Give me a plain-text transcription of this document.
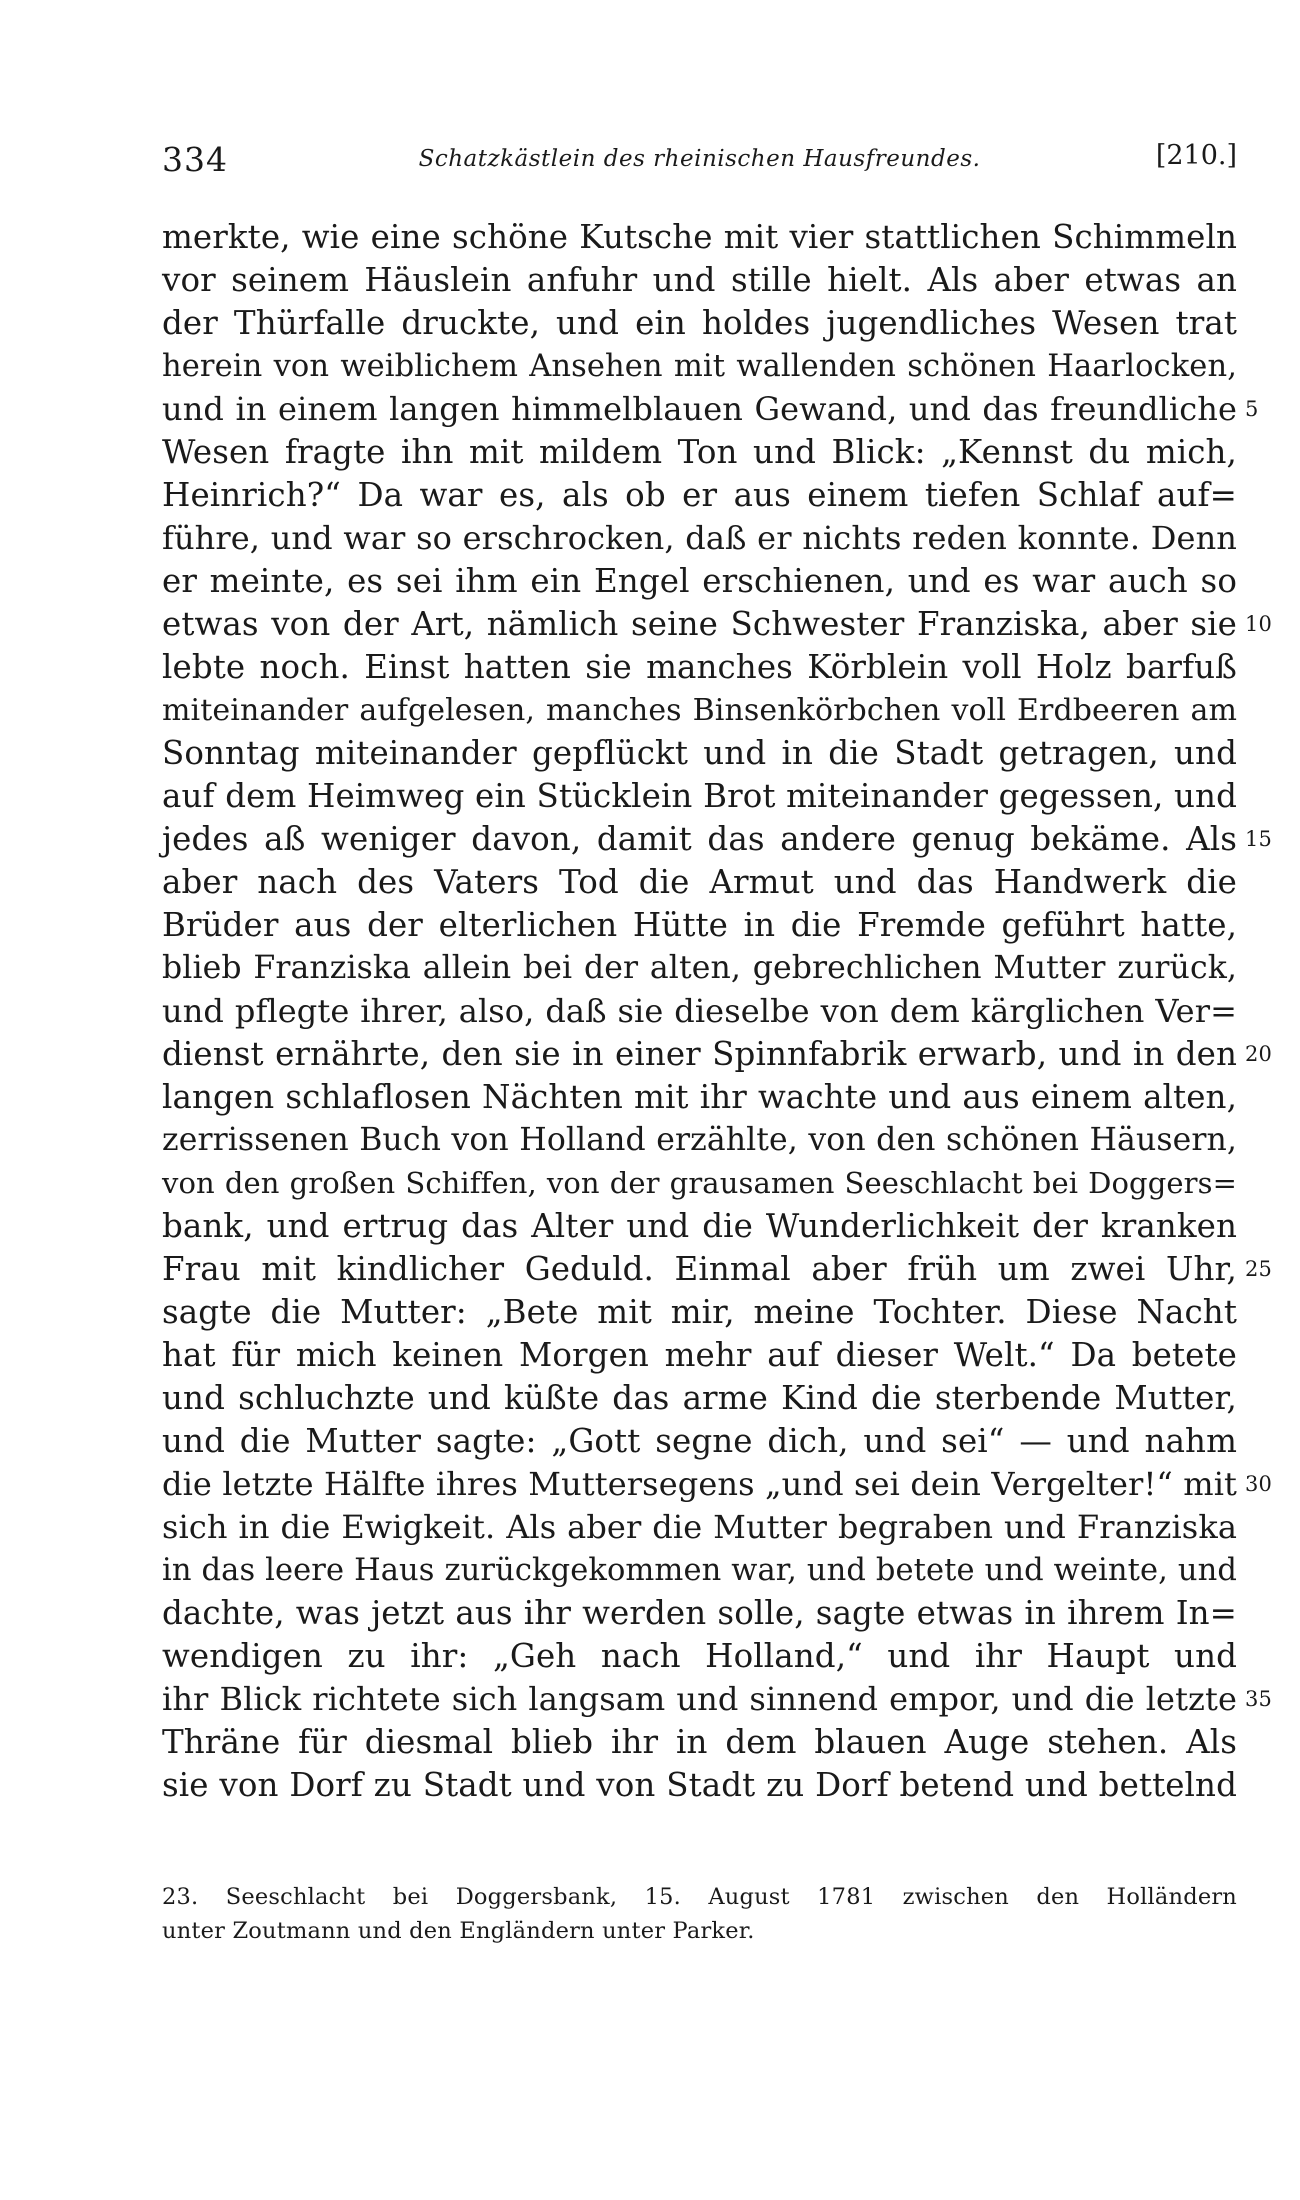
334	Schatzkästlein des rheinischen Hausfreundes.	[210.]
merkte, wie eine schöne Kutsche mit vier stattlichen Schimmeln
vor seinem Häuslein anfuhr und stille hielt. Als aber etwas an
der Thürfalle druckte, und ein holdes jugendliches Wesen trat
herein von weiblichem Ansehen mit wallenden schönen Haarlocken,
und in einem langen himmelblauen Gewand, und das freundliche 5
Wesen fragte ihn mit mildem Ton und Blick: „Kennst du mich,
Heinrich?“ Da war es, als ob er aus einem tiefen Schlaf auf=
führe, und war so erschrocken, daß er nichts reden konnte. Denn
er meinte, es sei ihm ein Engel erschienen, und es war auch so
etwas von der Art, nämlich seine Schwester Franziska, aber sie 10
lebte noch. Einst hatten sie manches Körblein voll Holz barfuß
miteinander aufgelesen, manches Binsenkörbchen voll Erdbeeren am
Sonntag miteinander gepflückt und in die Stadt getragen, und
auf dem Heimweg ein Stücklein Brot miteinander gegessen, und
jedes aß weniger davon, damit das andere genug bekäme. Als 15
aber nach des Vaters Tod die Armut und das Handwerk die
Brüder aus der elterlichen Hütte in die Fremde geführt hatte,
blieb Franziska allein bei der alten, gebrechlichen Mutter zurück,
und pflegte ihrer, also, daß sie dieselbe von dem kärglichen Ver=
dienst ernährte, den sie in einer Spinnfabrik erwarb, und in den 20
langen schlaflosen Nächten mit ihr wachte und aus einem alten,
zerrissenen Buch von Holland erzählte, von den schönen Häusern,
von den großen Schiffen, von der grausamen Seeschlacht bei Doggers=
bank, und ertrug das Alter und die Wunderlichkeit der kranken
Frau mit kindlicher Geduld. Einmal aber früh um zwei Uhr, 25
sagte die Mutter: „Bete mit mir, meine Tochter. Diese Nacht
hat für mich keinen Morgen mehr auf dieser Welt.“ Da betete
und schluchzte und küßte das arme Kind die sterbende Mutter,
und die Mutter sagte: „Gott segne dich, und sei“ — und nahm
die letzte Hälfte ihres Muttersegens „und sei dein Vergelter!“ mit 30
sich in die Ewigkeit. Als aber die Mutter begraben und Franziska
in das leere Haus zurückgekommen war, und betete und weinte, und
dachte, was jetzt aus ihr werden solle, sagte etwas in ihrem In=
wendigen zu ihr: „Geh nach Holland,“ und ihr Haupt und
ihr Blick richtete sich langsam und sinnend empor, und die letzte 35
Thräne für diesmal blieb ihr in dem blauen Auge stehen. Als
sie von Dorf zu Stadt und von Stadt zu Dorf betend und bettelnd
23. Seeschlacht bei Doggersbank, 15. August 1781 zwischen den Holländern
unter Zoutmann und den Engländern unter Parker.
